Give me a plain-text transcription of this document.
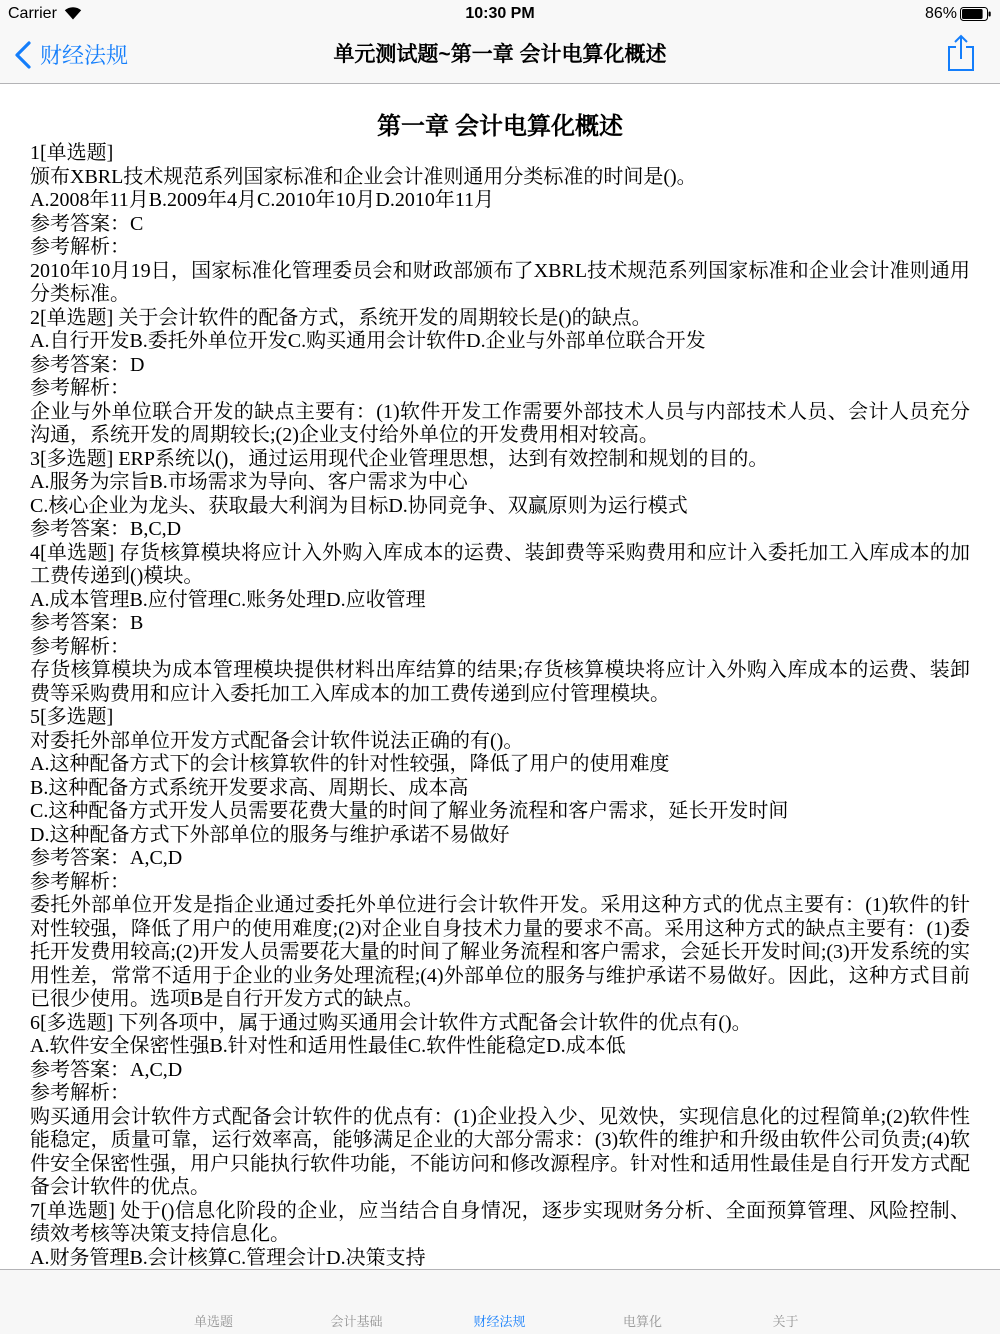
Carrier	10:30 PM	86%
财经法规	单元测试题~第一章 会计电算化概述
第一章 会计电算化概述

1[单选题]

颁布XBRL技术规范系列国家标准和企业会计准则通用分类标准的时间是()。

A.2008年11月B.2009年4月C.2010年10月D.2010年11月

参考答案：C

参考解析：

2010年10月19日，国家标准化管理委员会和财政部颁布了XBRL技术规范系列国家标准和企业会计准则通用分类标准。

2[单选题] 关于会计软件的配备方式，系统开发的周期较长是()的缺点。

A.自行开发B.委托外单位开发C.购买通用会计软件D.企业与外部单位联合开发

参考答案：D

参考解析：

企业与外单位联合开发的缺点主要有：(1)软件开发工作需要外部技术人员与内部技术人员、会计人员充分沟通，系统开发的周期较长;(2)企业支付给外单位的开发费用相对较高。

3[多选题] ERP系统以()，通过运用现代企业管理思想，达到有效控制和规划的目的。

A.服务为宗旨B.市场需求为导向、客户需求为中心

C.核心企业为龙头、获取最大利润为目标D.协同竞争、双赢原则为运行模式

参考答案：B,C,D

4[单选题] 存货核算模块将应计入外购入库成本的运费、装卸费等采购费用和应计入委托加工入库成本的加工费传递到()模块。

A.成本管理B.应付管理C.账务处理D.应收管理

参考答案：B

参考解析：

存货核算模块为成本管理模块提供材料出库结算的结果;存货核算模块将应计入外购入库成本的运费、装卸费等采购费用和应计入委托加工入库成本的加工费传递到应付管理模块。

5[多选题]

对委托外部单位开发方式配备会计软件说法正确的有()。

A.这种配备方式下的会计核算软件的针对性较强，降低了用户的使用难度

B.这种配备方式系统开发要求高、周期长、成本高

C.这种配备方式开发人员需要花费大量的时间了解业务流程和客户需求，延长开发时间

D.这种配备方式下外部单位的服务与维护承诺不易做好

参考答案：A,C,D

参考解析：

委托外部单位开发是指企业通过委托外单位进行会计软件开发。采用这种方式的优点主要有：(1)软件的针对性较强，降低了用户的使用难度;(2)对企业自身技术力量的要求不高。采用这种方式的缺点主要有：(1)委托开发费用较高;(2)开发人员需要花大量的时间了解业务流程和客户需求，会延长开发时间;(3)开发系统的实用性差，常常不适用于企业的业务处理流程;(4)外部单位的服务与维护承诺不易做好。因此，这种方式目前已很少使用。选项B是自行开发方式的缺点。

6[多选题] 下列各项中，属于通过购买通用会计软件方式配备会计软件的优点有()。

A.软件安全保密性强B.针对性和适用性最佳C.软件性能稳定D.成本低

参考答案：A,C,D

参考解析：

购买通用会计软件方式配备会计软件的优点有：(1)企业投入少、见效快，实现信息化的过程简单;(2)软件性能稳定，质量可靠，运行效率高，能够满足企业的大部分需求：(3)软件的维护和升级由软件公司负责;(4)软件安全保密性强，用户只能执行软件功能，不能访问和修改源程序。针对性和适用性最佳是自行开发方式配备会计软件的优点。

7[单选题] 处于()信息化阶段的企业，应当结合自身情况，逐步实现财务分析、全面预算管理、风险控制、绩效考核等决策支持信息化。

A.财务管理B.会计核算C.管理会计D.决策支持

单选题	会计基础	财经法规	电算化	关于
